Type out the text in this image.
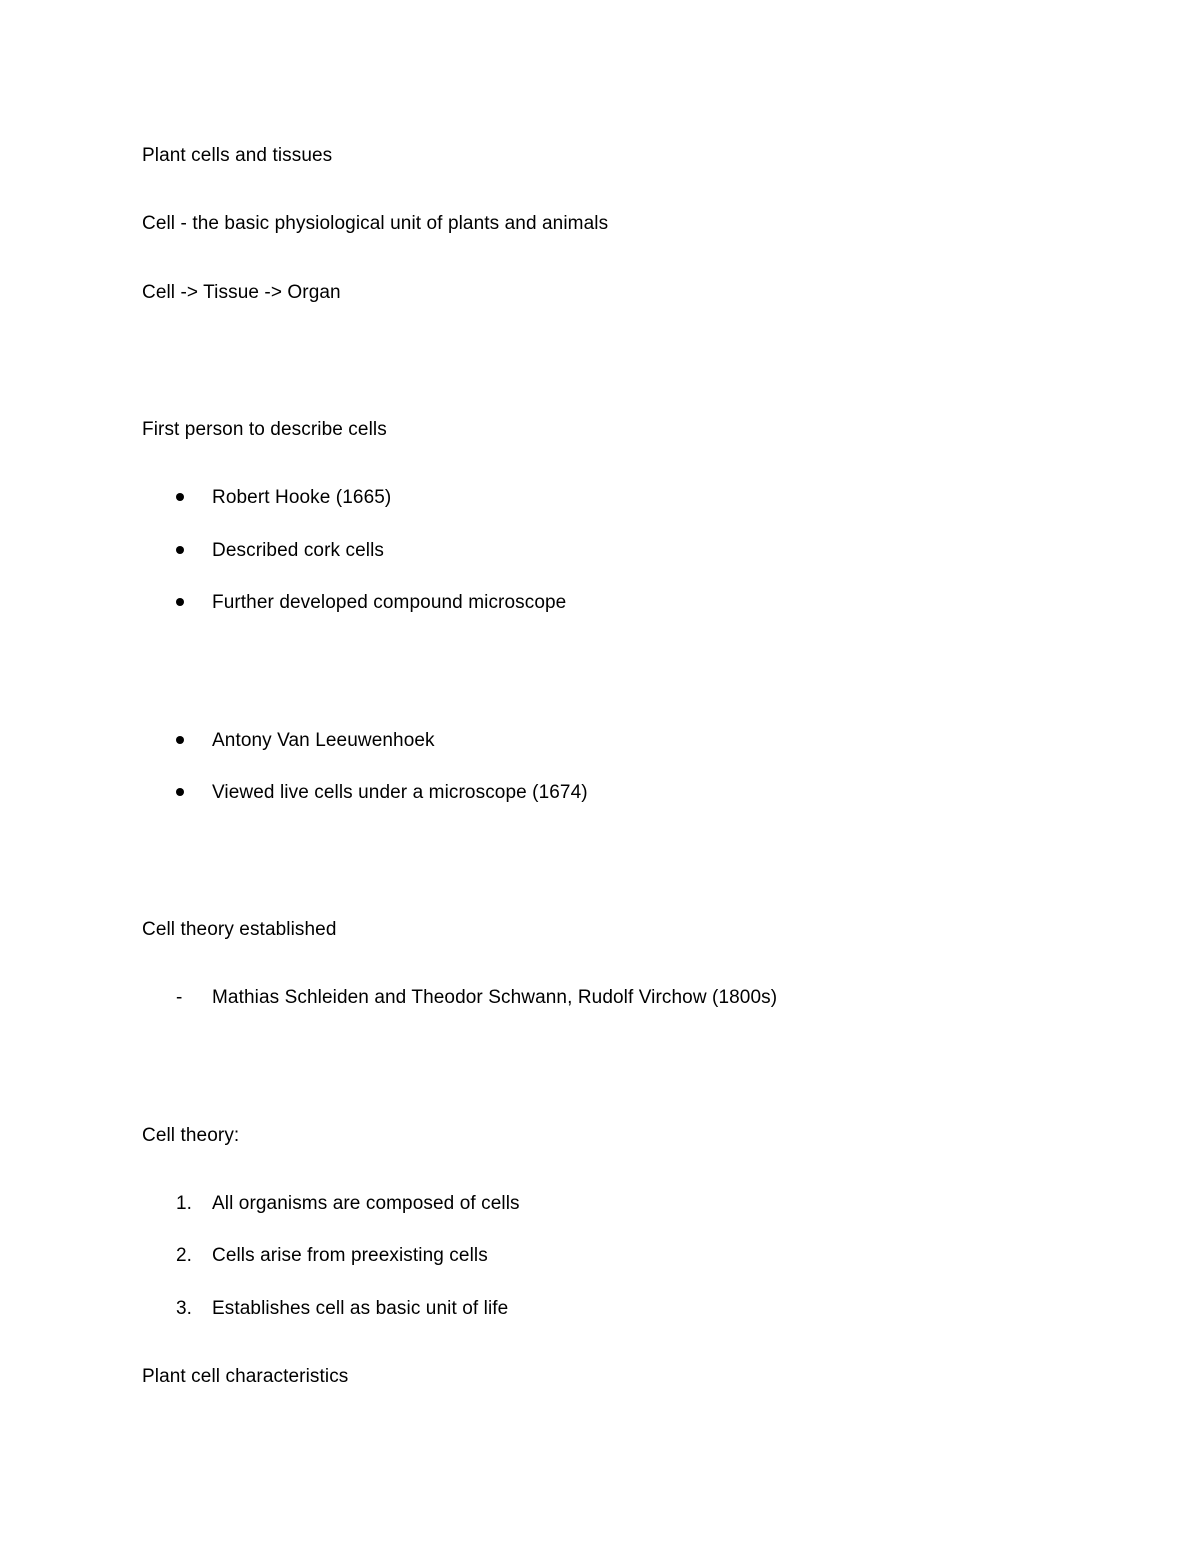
Plant cells and tissues
Cell - the basic physiological unit of plants and animals
Cell -> Tissue -> Organ
First person to describe cells
Robert Hooke (1665)
Described cork cells
Further developed compound microscope
Antony Van Leeuwenhoek
Viewed live cells under a microscope (1674)
Cell theory established
- Mathias Schleiden and Theodor Schwann, Rudolf Virchow (1800s)
Cell theory:
1. All organisms are composed of cells
2. Cells arise from preexisting cells
3. Establishes cell as basic unit of life
Plant cell characteristics
